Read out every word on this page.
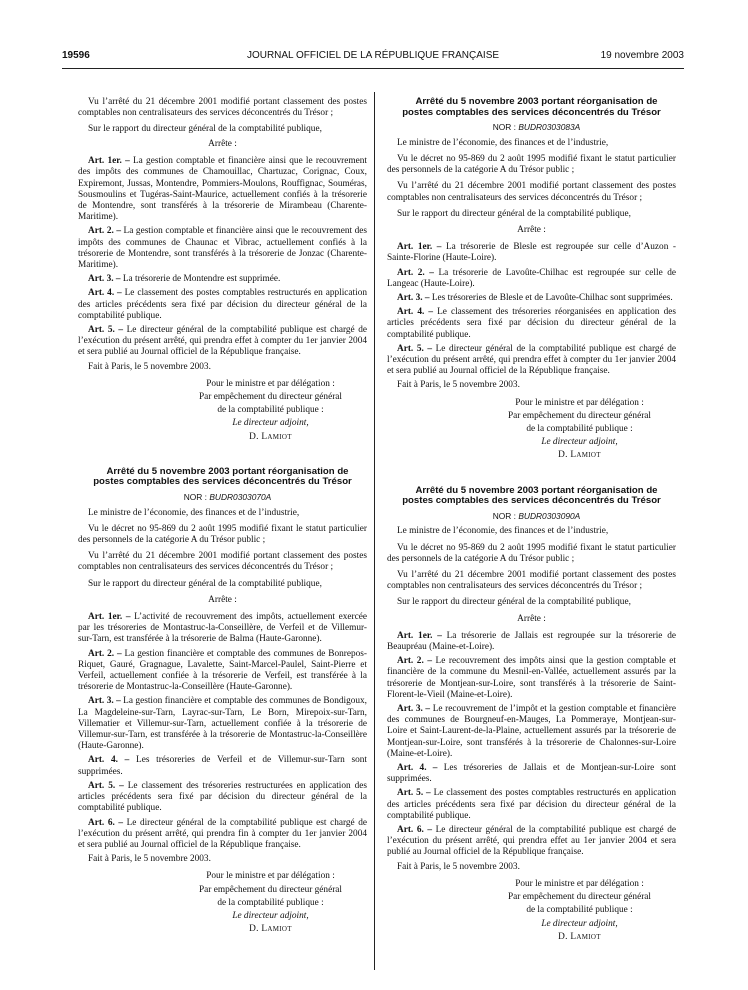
19596	JOURNAL OFFICIEL DE LA RÉPUBLIQUE FRANÇAISE	19 novembre 2003

Vu l’arrêté du 21 décembre 2001 modifié portant classement des postes comptables non centralisateurs des services déconcentrés du Trésor ;

Sur le rapport du directeur général de la comptabilité publique,

Arrête :

Art. 1er. – La gestion comptable et financière ainsi que le recouvrement des impôts des communes de Chamouillac, Chartuzac, Corignac, Coux, Expiremont, Jussas, Montendre, Pommiers-Moulons, Rouffignac, Souméras, Sousmoulins et Tugéras-Saint-Maurice, actuellement confiés à la trésorerie de Montendre, sont transférés à la trésorerie de Mirambeau (Charente-Maritime).

Art. 2. – La gestion comptable et financière ainsi que le recouvrement des impôts des communes de Chaunac et Vibrac, actuellement confiés à la trésorerie de Montendre, sont transférés à la trésorerie de Jonzac (Charente-Maritime).

Art. 3. – La trésorerie de Montendre est supprimée.

Art. 4. – Le classement des postes comptables restructurés en application des articles précédents sera fixé par décision du directeur général de la comptabilité publique.

Art. 5. – Le directeur général de la comptabilité publique est chargé de l’exécution du présent arrêté, qui prendra effet à compter du 1er janvier 2004 et sera publié au Journal officiel de la République française.

Fait à Paris, le 5 novembre 2003.

Pour le ministre et par délégation :
Par empêchement du directeur général
de la comptabilité publique :
Le directeur adjoint,
D. Lamiot

Arrêté du 5 novembre 2003 portant réorganisation de postes comptables des services déconcentrés du Trésor

NOR : BUDR0303070A

Le ministre de l’économie, des finances et de l’industrie,

Vu le décret no 95-869 du 2 août 1995 modifié fixant le statut particulier des personnels de la catégorie A du Trésor public ;

Vu l’arrêté du 21 décembre 2001 modifié portant classement des postes comptables non centralisateurs des services déconcentrés du Trésor ;

Sur le rapport du directeur général de la comptabilité publique,

Arrête :

Art. 1er. – L’activité de recouvrement des impôts, actuellement exercée par les trésoreries de Montastruc-la-Conseillère, de Verfeil et de Villemur-sur-Tarn, est transférée à la trésorerie de Balma (Haute-Garonne).

Art. 2. – La gestion financière et comptable des communes de Bonrepos-Riquet, Gauré, Gragnague, Lavalette, Saint-Marcel-Paulel, Saint-Pierre et Verfeil, actuellement confiée à la trésorerie de Verfeil, est transférée à la trésorerie de Montastruc-la-Conseillère (Haute-Garonne).

Art. 3. – La gestion financière et comptable des communes de Bondigoux, La Magdeleine-sur-Tarn, Layrac-sur-Tarn, Le Born, Mirepoix-sur-Tarn, Villematier et Villemur-sur-Tarn, actuellement confiée à la trésorerie de Villemur-sur-Tarn, est transférée à la trésorerie de Montastruc-la-Conseillère (Haute-Garonne).

Art. 4. – Les trésoreries de Verfeil et de Villemur-sur-Tarn sont supprimées.

Art. 5. – Le classement des trésoreries restructurées en application des articles précédents sera fixé par décision du directeur général de la comptabilité publique.

Art. 6. – Le directeur général de la comptabilité publique est chargé de l’exécution du présent arrêté, qui prendra fin à compter du 1er janvier 2004 et sera publié au Journal officiel de la République française.

Fait à Paris, le 5 novembre 2003.

Pour le ministre et par délégation :
Par empêchement du directeur général
de la comptabilité publique :
Le directeur adjoint,
D. Lamiot

Arrêté du 5 novembre 2003 portant réorganisation de postes comptables des services déconcentrés du Trésor

NOR : BUDR0303083A

Le ministre de l’économie, des finances et de l’industrie,

Vu le décret no 95-869 du 2 août 1995 modifié fixant le statut particulier des personnels de la catégorie A du Trésor public ;

Vu l’arrêté du 21 décembre 2001 modifié portant classement des postes comptables non centralisateurs des services déconcentrés du Trésor ;

Sur le rapport du directeur général de la comptabilité publique,

Arrête :

Art. 1er. – La trésorerie de Blesle est regroupée sur celle d’Auzon - Sainte-Florine (Haute-Loire).

Art. 2. – La trésorerie de Lavoûte-Chilhac est regroupée sur celle de Langeac (Haute-Loire).

Art. 3. – Les trésoreries de Blesle et de Lavoûte-Chilhac sont supprimées.

Art. 4. – Le classement des trésoreries réorganisées en application des articles précédents sera fixé par décision du directeur général de la comptabilité publique.

Art. 5. – Le directeur général de la comptabilité publique est chargé de l’exécution du présent arrêté, qui prendra effet à compter du 1er janvier 2004 et sera publié au Journal officiel de la République française.

Fait à Paris, le 5 novembre 2003.

Pour le ministre et par délégation :
Par empêchement du directeur général
de la comptabilité publique :
Le directeur adjoint,
D. Lamiot

Arrêté du 5 novembre 2003 portant réorganisation de postes comptables des services déconcentrés du Trésor

NOR : BUDR0303090A

Le ministre de l’économie, des finances et de l’industrie,

Vu le décret no 95-869 du 2 août 1995 modifié fixant le statut particulier des personnels de la catégorie A du Trésor public ;

Vu l’arrêté du 21 décembre 2001 modifié portant classement des postes comptables non centralisateurs des services déconcentrés du Trésor ;

Sur le rapport du directeur général de la comptabilité publique,

Arrête :

Art. 1er. – La trésorerie de Jallais est regroupée sur la trésorerie de Beaupréau (Maine-et-Loire).

Art. 2. – Le recouvrement des impôts ainsi que la gestion comptable et financière de la commune du Mesnil-en-Vallée, actuellement assurés par la trésorerie de Montjean-sur-Loire, sont transférés à la trésorerie de Saint-Florent-le-Vieil (Maine-et-Loire).

Art. 3. – Le recouvrement de l’impôt et la gestion comptable et financière des communes de Bourgneuf-en-Mauges, La Pommeraye, Montjean-sur-Loire et Saint-Laurent-de-la-Plaine, actuellement assurés par la trésorerie de Montjean-sur-Loire, sont transférés à la trésorerie de Chalonnes-sur-Loire (Maine-et-Loire).

Art. 4. – Les trésoreries de Jallais et de Montjean-sur-Loire sont supprimées.

Art. 5. – Le classement des postes comptables restructurés en application des articles précédents sera fixé par décision du directeur général de la comptabilité publique.

Art. 6. – Le directeur général de la comptabilité publique est chargé de l’exécution du présent arrêté, qui prendra effet au 1er janvier 2004 et sera publié au Journal officiel de la République française.

Fait à Paris, le 5 novembre 2003.

Pour le ministre et par délégation :
Par empêchement du directeur général
de la comptabilité publique :
Le directeur adjoint,
D. Lamiot
